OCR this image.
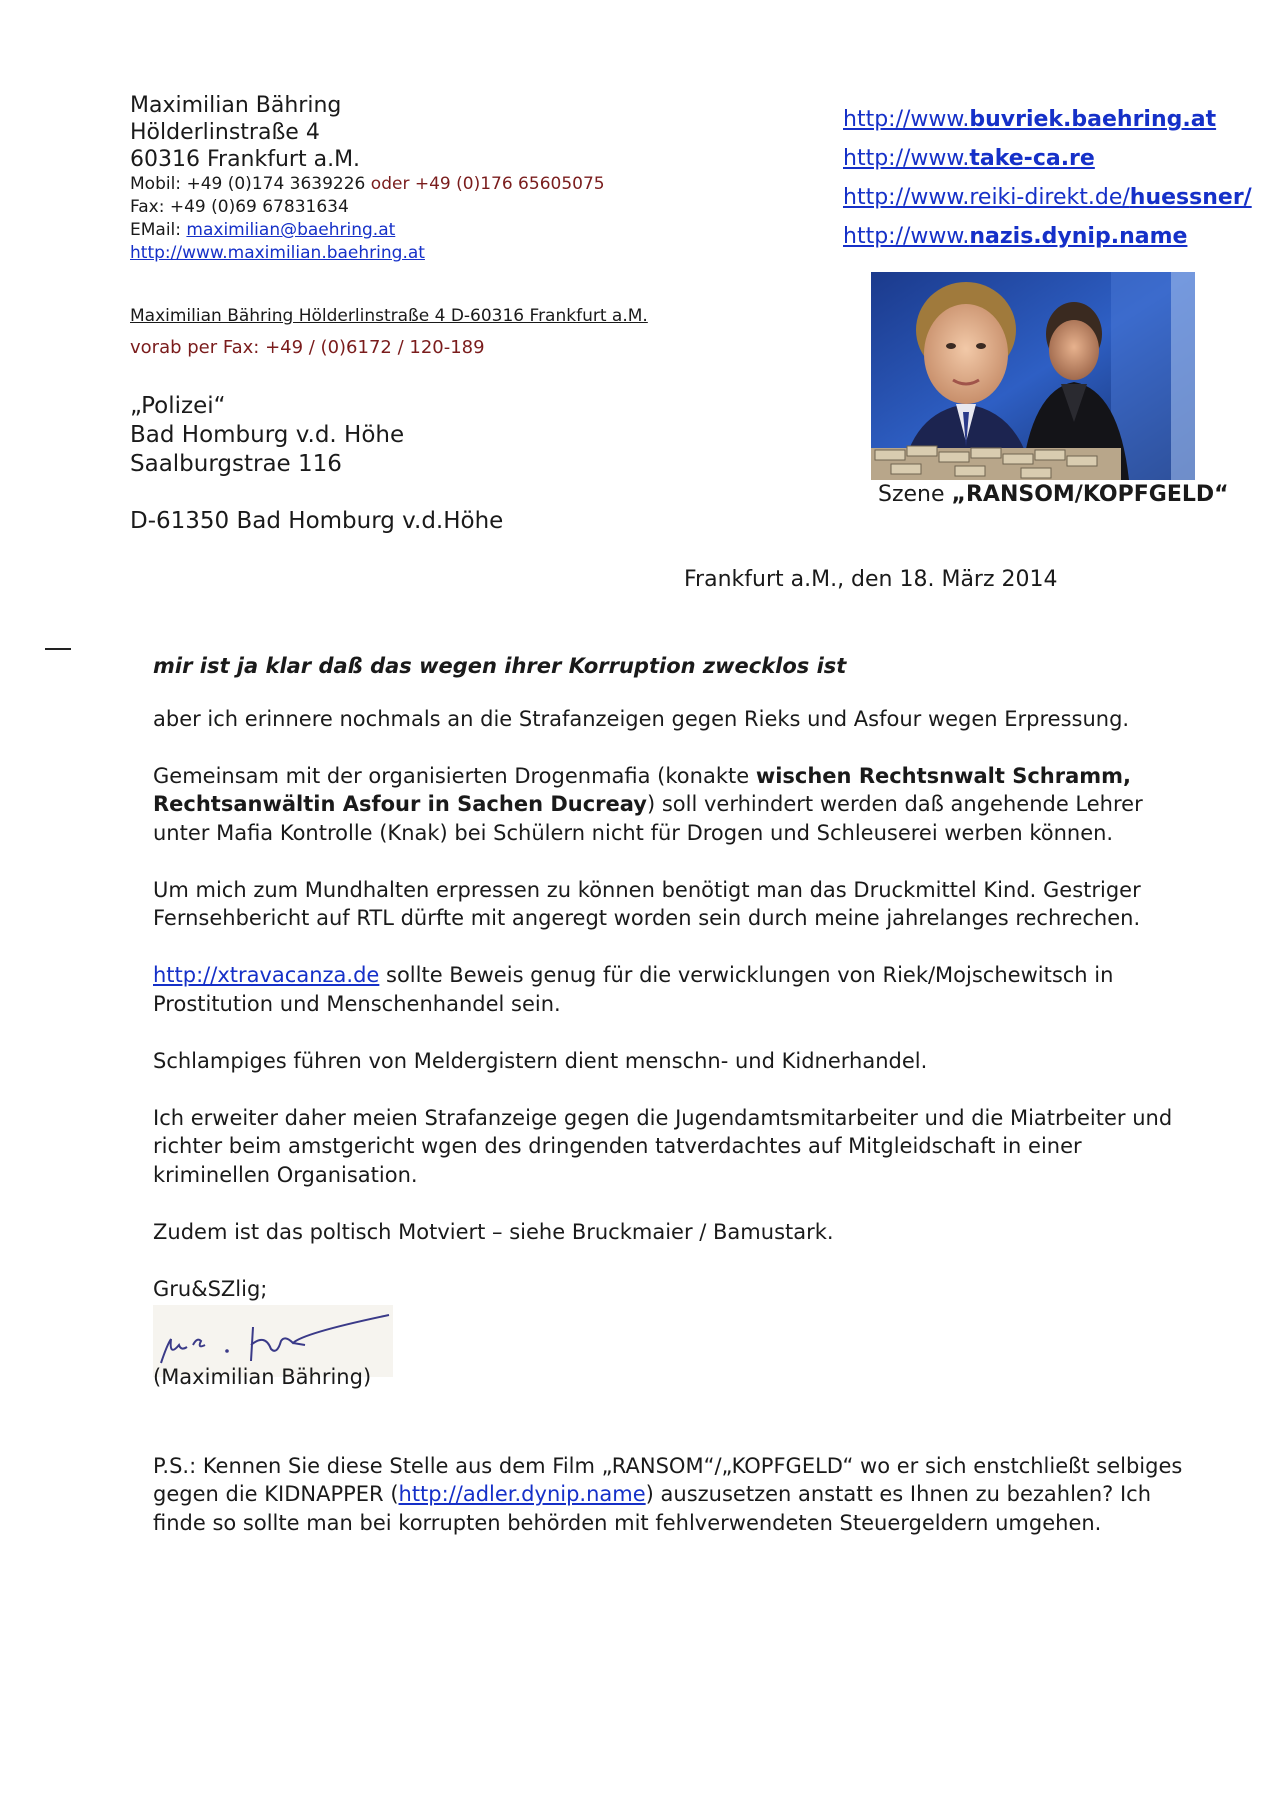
Maximilian Bähring
Hölderlinstraße 4
60316 Frankfurt a.M.
Mobil: +49 (0)174 3639226 oder +49 (0)176 65605075
Fax: +49 (0)69 67831634
EMail: maximilian@baehring.at
http://www.maximilian.baehring.at
Maximilian Bähring Hölderlinstraße 4 D-60316 Frankfurt a.M.
vorab per Fax: +49 / (0)6172 / 120-189
„Polizei“
Bad Homburg v.d. Höhe
Saalburgstrae 116
D-61350 Bad Homburg v.d.Höhe
http://www.buvriek.baehring.at
http://www.take-ca.re
http://www.reiki-direkt.de/huessner/
http://www.nazis.dynip.name
Szene „RANSOM/KOPFGELD“
Frankfurt a.M., den 18. März 2014

mir ist ja klar daß das wegen ihrer Korruption zwecklos ist

aber ich erinnere nochmals an die Strafanzeigen gegen Rieks und Asfour wegen Erpressung.

Gemeinsam mit der organisierten Drogenmafia (konakte wischen Rechtsnwalt Schramm, Rechtsanwältin Asfour in Sachen Ducreay) soll verhindert werden daß angehende Lehrer unter Mafia Kontrolle (Knak) bei Schülern nicht für Drogen und Schleuserei werben können.

Um mich zum Mundhalten erpressen zu können benötigt man das Druckmittel Kind. Gestriger Fernsehbericht auf RTL dürfte mit angeregt worden sein durch meine jahrelanges rechrechen.

http://xtravacanza.de sollte Beweis genug für die verwicklungen von Riek/Mojschewitsch in Prostitution und Menschenhandel sein.

Schlampiges führen von Meldergistern dient menschn- und Kidnerhandel.

Ich erweiter daher meien Strafanzeige gegen die Jugendamtsmitarbeiter und die Miatrbeiter und richter beim amstgericht wgen des dringenden tatverdachtes auf Mitgleidschaft in einer kriminellen Organisation.

Zudem ist das poltisch Motviert – siehe Bruckmaier / Bamustark.

Gru&SZlig;

(Maximilian Bähring)

P.S.: Kennen Sie diese Stelle aus dem Film „RANSOM“/„KOPFGELD“ wo er sich enstchließt selbiges gegen die KIDNAPPER (http://adler.dynip.name) auszusetzen anstatt es Ihnen zu bezahlen? Ich finde so sollte man bei korrupten behörden mit fehlverwendeten Steuergeldern umgehen.
